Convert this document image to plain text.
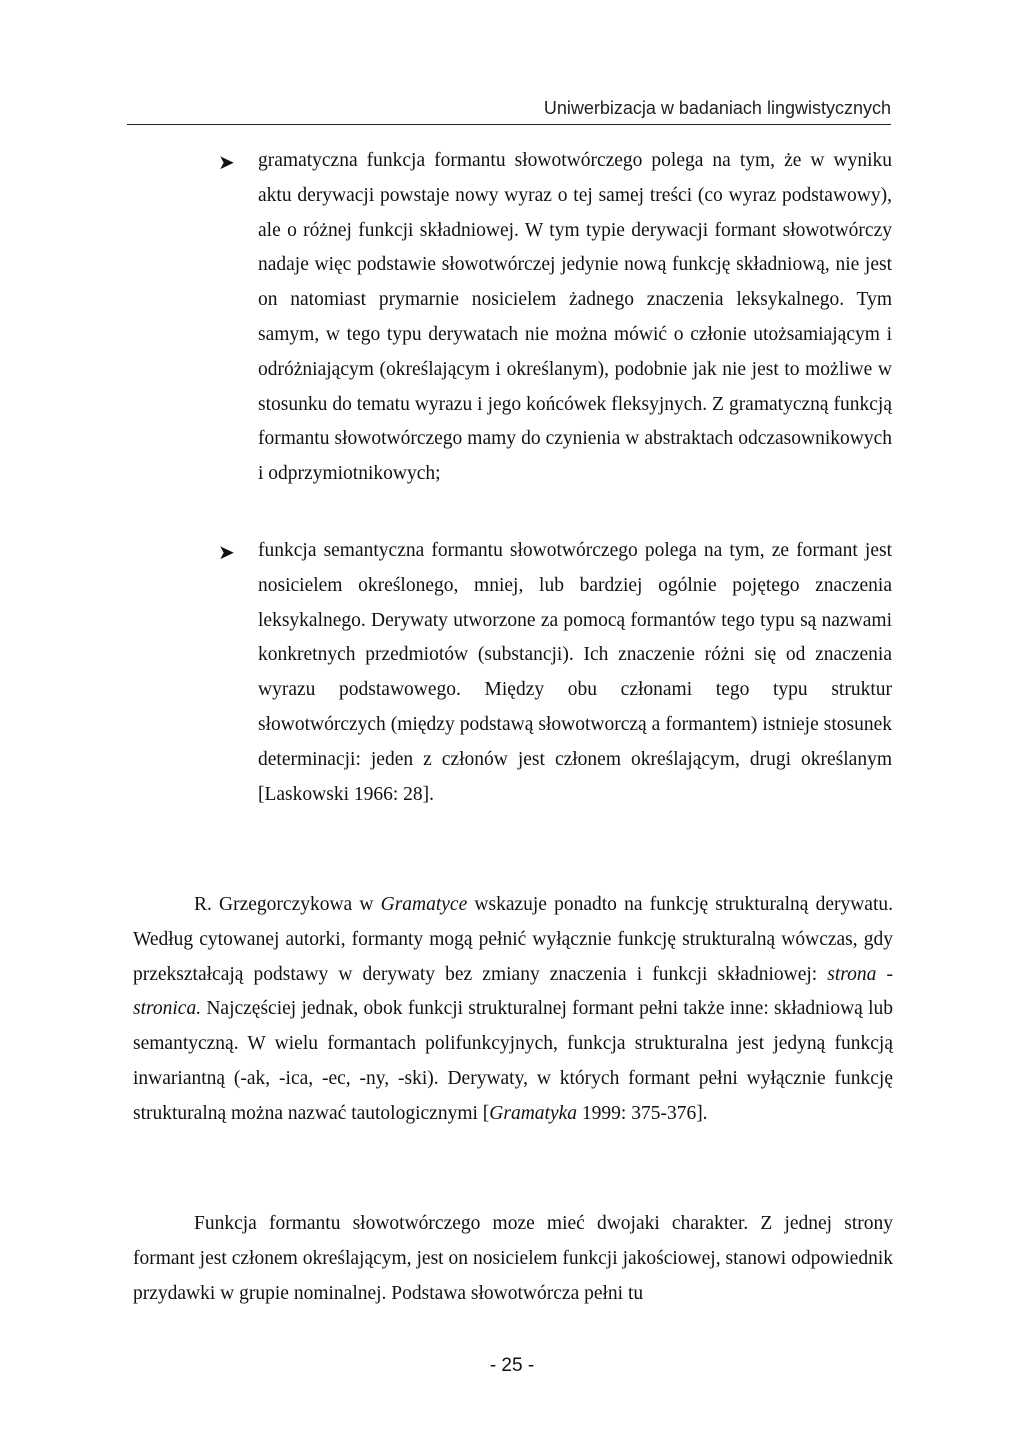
Uniwerbizacja w badaniach lingwistycznych
➤ gramatyczna funkcja formantu słowotwórczego polega na tym, że w wyniku aktu derywacji powstaje nowy wyraz o tej samej treści (co wyraz podstawowy), ale o różnej funkcji składniowej. W tym typie derywacji formant słowotwórczy nadaje więc podstawie słowotwórczej jedynie nową funkcję składniową, nie jest on natomiast prymarnie nosicielem żadnego znaczenia leksykalnego. Tym samym, w tego typu derywatach nie można mówić o członie utożsamiającym i odróżniającym (określającym i określanym), podobnie jak nie jest to możliwe w stosunku do tematu wyrazu i jego końcówek fleksyjnych. Z gramatyczną funkcją formantu słowotwórczego mamy do czynienia w abstraktach odczasownikowych i odprzymiotnikowych;

➤ funkcja semantyczna formantu słowotwórczego polega na tym, ze formant jest nosicielem określonego, mniej, lub bardziej ogólnie pojętego znaczenia leksykalnego. Derywaty utworzone za pomocą formantów tego typu są nazwami konkretnych przedmiotów (substancji). Ich znaczenie różni się od znaczenia wyrazu podstawowego. Między obu członami tego typu struktur słowotwórczych (między podstawą słowotworczą a formantem) istnieje stosunek determinacji: jeden z członów jest członem określającym, drugi określanym [Laskowski 1966: 28].

R. Grzegorczykowa w Gramatyce wskazuje ponadto na funkcję strukturalną derywatu. Według cytowanej autorki, formanty mogą pełnić wyłącznie funkcję strukturalną wówczas, gdy przekształcają podstawy w derywaty bez zmiany znaczenia i funkcji składniowej: strona - stronica. Najczęściej jednak, obok funkcji strukturalnej formant pełni także inne: składniową lub semantyczną. W wielu formantach polifunkcyjnych, funkcja strukturalna jest jedyną funkcją inwariantną (-ak, -ica, -ec, -ny, -ski). Derywaty, w których formant pełni wyłącznie funkcję strukturalną można nazwać tautologicznymi [Gramatyka 1999: 375-376].

Funkcja formantu słowotwórczego moze mieć dwojaki charakter. Z jednej strony formant jest członem określającym, jest on nosicielem funkcji jakościowej, stanowi odpowiednik przydawki w grupie nominalnej. Podstawa słowotwórcza pełni tu

- 25 -
